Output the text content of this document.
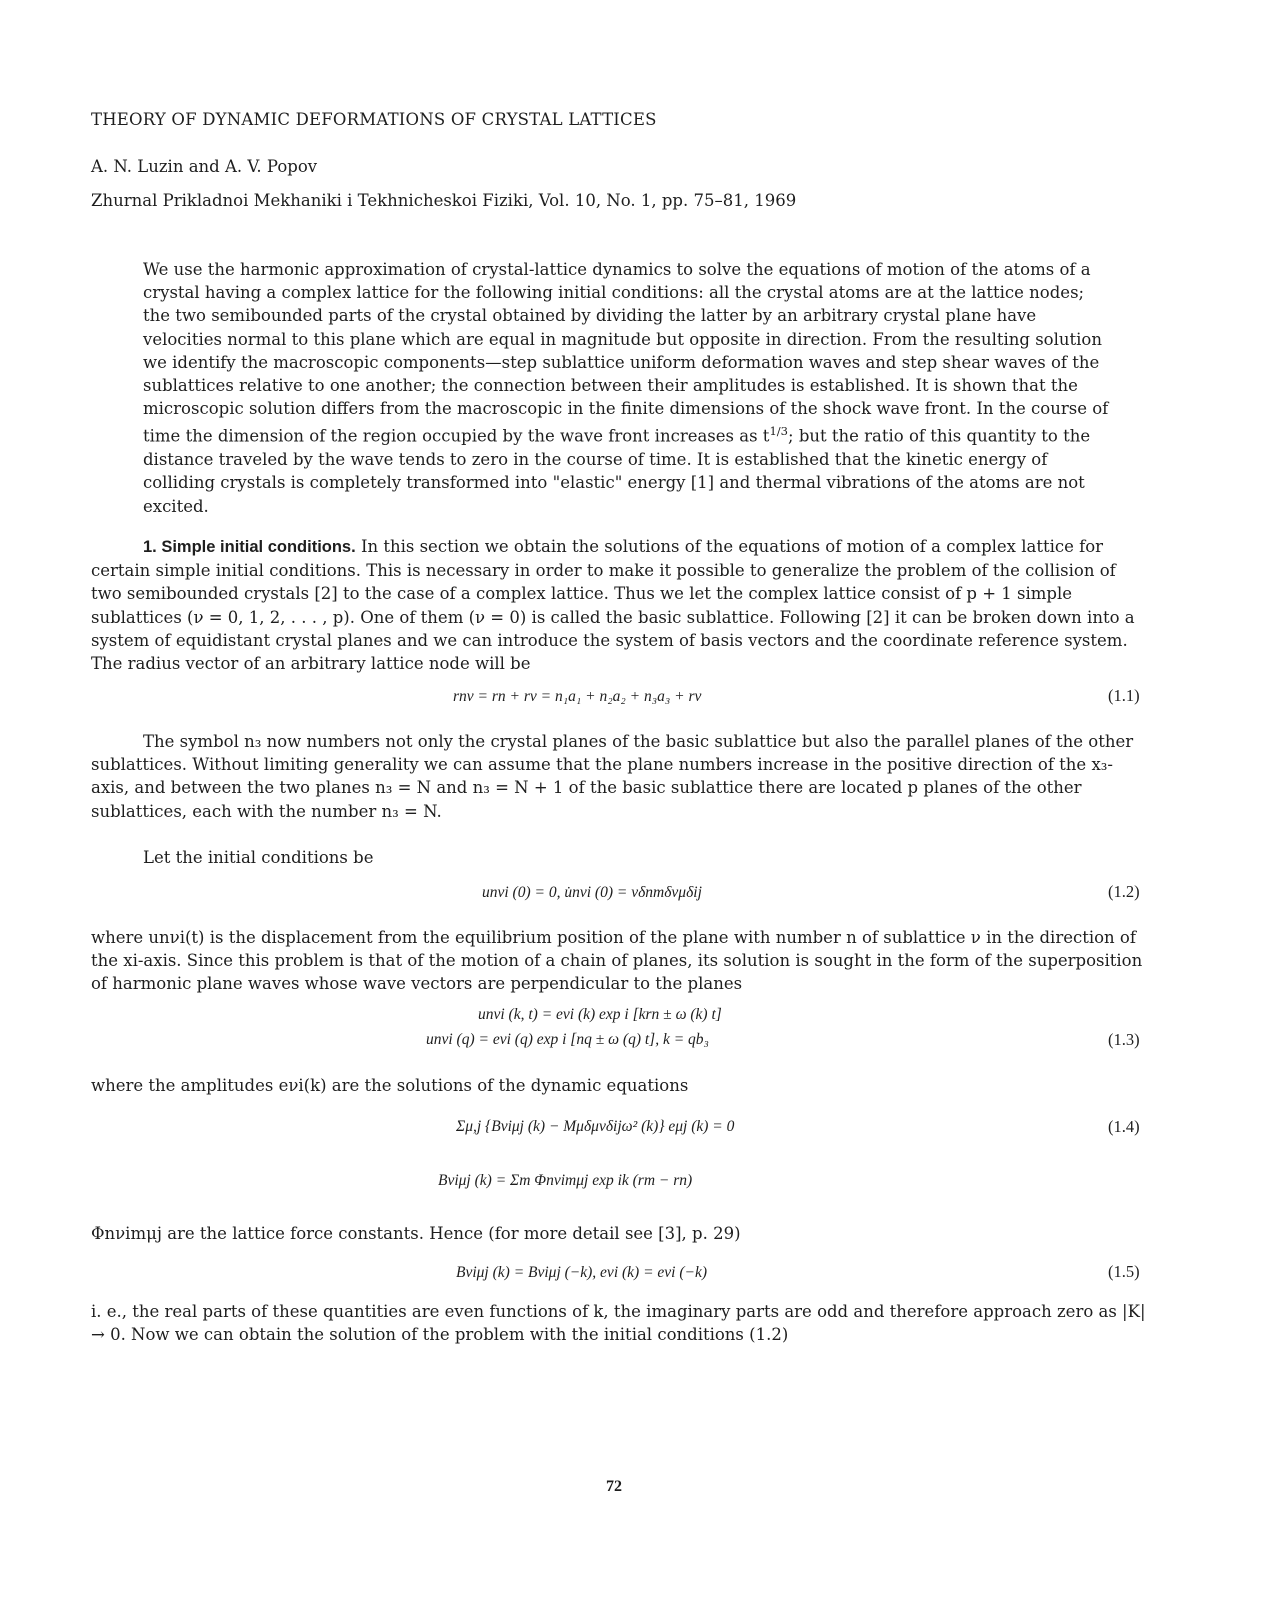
THEORY OF DYNAMIC DEFORMATIONS OF CRYSTAL LATTICES
A. N. Luzin and A. V. Popov
Zhurnal Prikladnoi Mekhaniki i Tekhnicheskoi Fiziki, Vol. 10, No. 1, pp. 75–81, 1969
We use the harmonic approximation of crystal-lattice dynamics to solve the equations of motion of the atoms of a crystal having a complex lattice for the following initial conditions: all the crystal atoms are at the lattice nodes; the two semibounded parts of the crystal obtained by dividing the latter by an arbitrary crystal plane have velocities normal to this plane which are equal in magnitude but opposite in direction. From the resulting solution we identify the macroscopic components—step sublattice uniform deformation waves and step shear waves of the sublattices relative to one another; the connection between their amplitudes is established. It is shown that the microscopic solution differs from the macroscopic in the finite dimensions of the shock wave front. In the course of time the dimension of the region occupied by the wave front increases as $t^{1/3}$; but the ratio of this quantity to the distance traveled by the wave tends to zero in the course of time. It is established that the kinetic energy of colliding crystals is completely transformed into "elastic" energy [1] and thermal vibrations of the atoms are not excited.
1. Simple initial conditions. In this section we obtain the solutions of the equations of motion of a complex lattice for certain simple initial conditions. This is necessary in order to make it possible to generalize the problem of the collision of two semibounded crystals [2] to the case of a complex lattice. Thus we let the complex lattice consist of p + 1 simple sublattices (ν = 0, 1, 2, . . . , p). One of them (ν = 0) is called the basic sublattice. Following [2] it can be broken down into a system of equidistant crystal planes and we can introduce the system of basis vectors and the coordinate reference system. The radius vector of an arbitrary lattice node will be
rnν = rn + rν = n₁a₁ + n₂a₂ + n₃a₃ + rν	(1.1)
The symbol n₃ now numbers not only the crystal planes of the basic sublattice but also the parallel planes of the other sublattices. Without limiting generality we can assume that the plane numbers increase in the positive direction of the x₃-axis, and between the two planes n₃ = N and n₃ = N + 1 of the basic sublattice there are located p planes of the other sublattices, each with the number n₃ = N.
Let the initial conditions be
unνi (0) = 0, u̇nνi (0) = vδnmδνμδij	(1.2)
where unνi(t) is the displacement from the equilibrium position of the plane with number n of sublattice ν in the direction of the xi-axis. Since this problem is that of the motion of a chain of planes, its solution is sought in the form of the superposition of harmonic plane waves whose wave vectors are perpendicular to the planes
unνi (k, t) = eνi (k) exp i [krn ± ω (k) t]
unνi (q) = eνi (q) exp i [nq ± ω (q) t], k = qb₃	(1.3)
where the amplitudes eνi(k) are the solutions of the dynamic equations
Σμ,j {Bνiμj (k) − Mμδμνδijω² (k)} eμj (k) = 0	(1.4)
Bνiμj (k) = Σm Φnνimμj exp ik (rm − rn)
Φnνimμj are the lattice force constants. Hence (for more detail see [3], p. 29)
Bνiμj (k) = Bνiμj (−k), eνi (k) = eνi (−k)	(1.5)
i. e., the real parts of these quantities are even functions of k, the imaginary parts are odd and therefore approach zero as |K| → 0. Now we can obtain the solution of the problem with the initial conditions (1.2)
72
